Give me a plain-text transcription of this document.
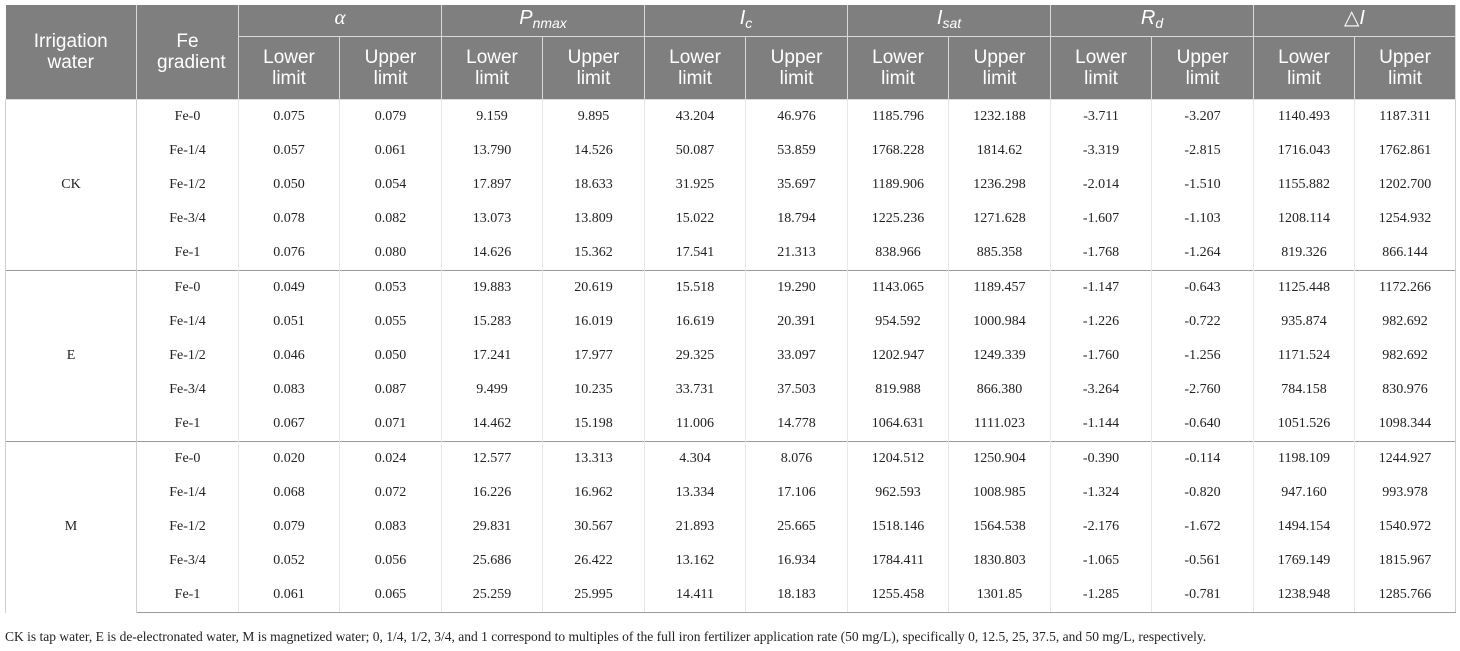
Irrigation water	Fe gradient	α		$P_{nmax}$		$I_c$		$I_{sat}$		$R_d$		△I	
		Lower limit	Upper limit	Lower limit	Upper limit	Lower limit	Upper limit	Lower limit	Upper limit	Lower limit	Upper limit	Lower limit	Upper limit
CK	Fe-0	0.075	0.079	9.159	9.895	43.204	46.976	1185.796	1232.188	-3.711	-3.207	1140.493	1187.311
	Fe-1/4	0.057	0.061	13.790	14.526	50.087	53.859	1768.228	1814.62	-3.319	-2.815	1716.043	1762.861
	Fe-1/2	0.050	0.054	17.897	18.633	31.925	35.697	1189.906	1236.298	-2.014	-1.510	1155.882	1202.700
	Fe-3/4	0.078	0.082	13.073	13.809	15.022	18.794	1225.236	1271.628	-1.607	-1.103	1208.114	1254.932
	Fe-1	0.076	0.080	14.626	15.362	17.541	21.313	838.966	885.358	-1.768	-1.264	819.326	866.144
E	Fe-0	0.049	0.053	19.883	20.619	15.518	19.290	1143.065	1189.457	-1.147	-0.643	1125.448	1172.266
	Fe-1/4	0.051	0.055	15.283	16.019	16.619	20.391	954.592	1000.984	-1.226	-0.722	935.874	982.692
	Fe-1/2	0.046	0.050	17.241	17.977	29.325	33.097	1202.947	1249.339	-1.760	-1.256	1171.524	982.692
	Fe-3/4	0.083	0.087	9.499	10.235	33.731	37.503	819.988	866.380	-3.264	-2.760	784.158	830.976
	Fe-1	0.067	0.071	14.462	15.198	11.006	14.778	1064.631	1111.023	-1.144	-0.640	1051.526	1098.344
M	Fe-0	0.020	0.024	12.577	13.313	4.304	8.076	1204.512	1250.904	-0.390	-0.114	1198.109	1244.927
	Fe-1/4	0.068	0.072	16.226	16.962	13.334	17.106	962.593	1008.985	-1.324	-0.820	947.160	993.978
	Fe-1/2	0.079	0.083	29.831	30.567	21.893	25.665	1518.146	1564.538	-2.176	-1.672	1494.154	1540.972
	Fe-3/4	0.052	0.056	25.686	26.422	13.162	16.934	1784.411	1830.803	-1.065	-0.561	1769.149	1815.967
	Fe-1	0.061	0.065	25.259	25.995	14.411	18.183	1255.458	1301.85	-1.285	-0.781	1238.948	1285.766
CK is tap water, E is de-electronated water, M is magnetized water; 0, 1/4, 1/2, 3/4, and 1 correspond to multiples of the full iron fertilizer application rate (50 mg/L), specifically 0, 12.5, 25, 37.5, and 50 mg/L, respectively.
